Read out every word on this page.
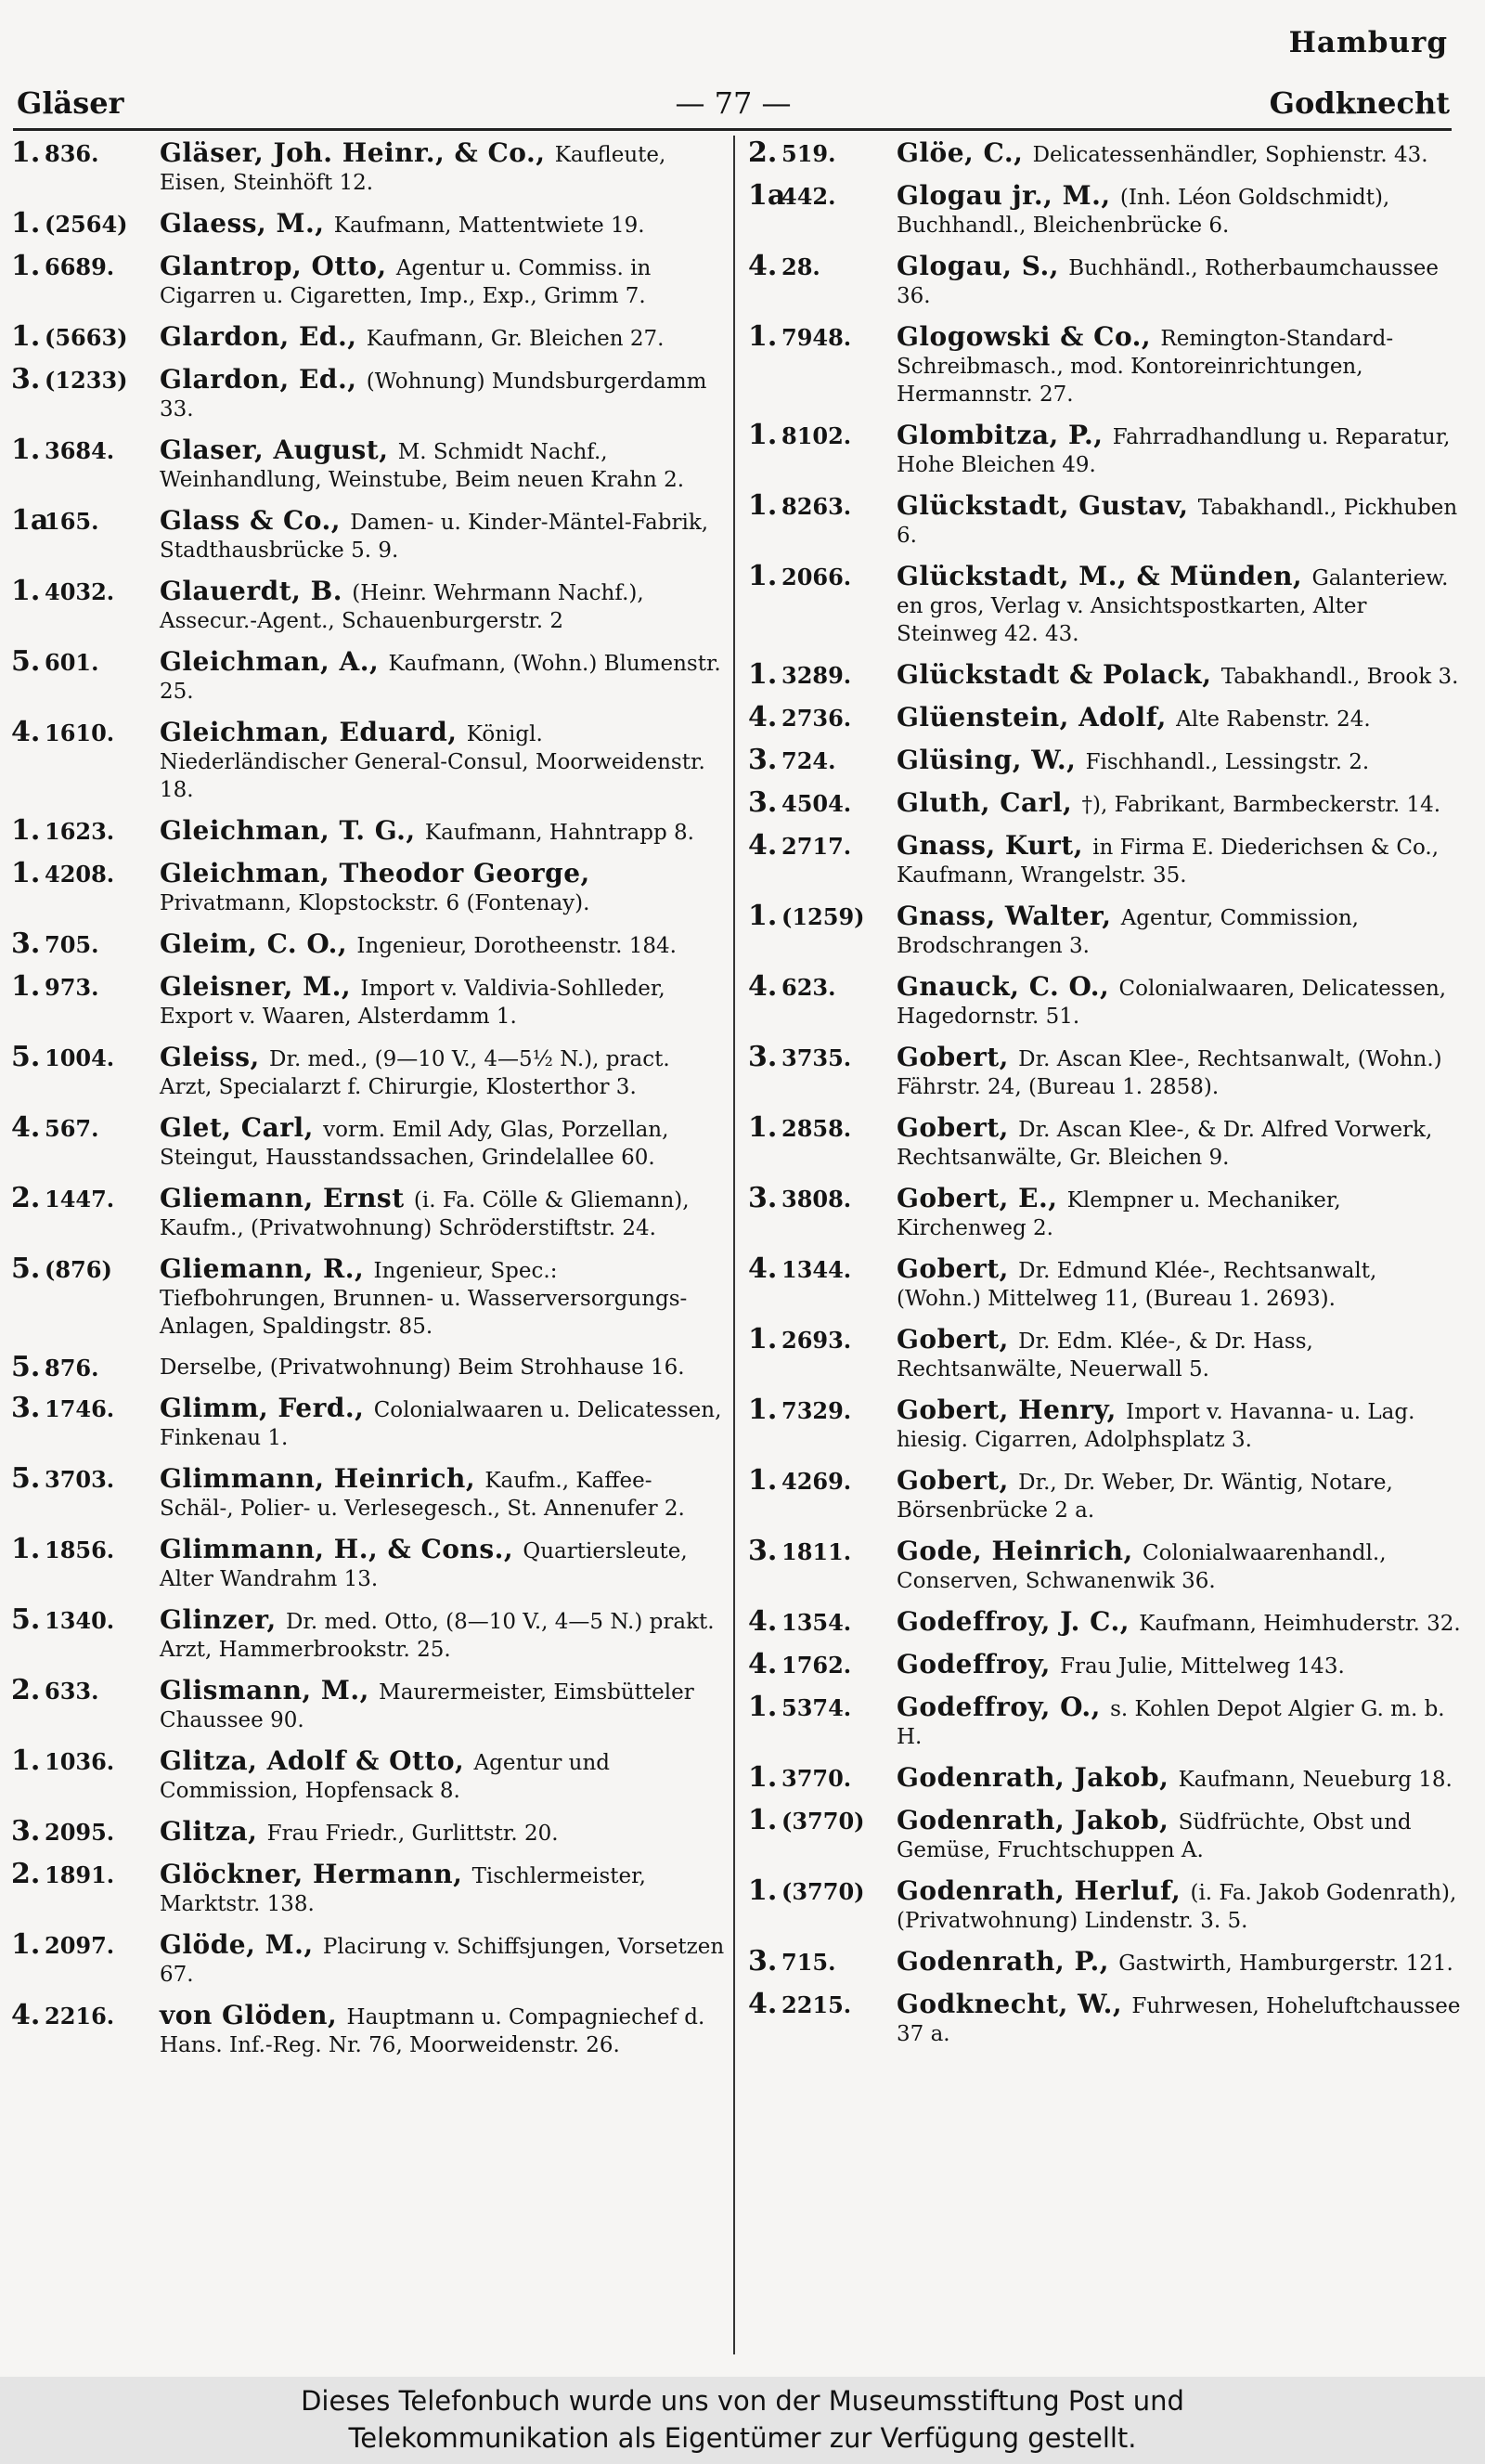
Hamburg
Gläser	— 77 —	Godknecht
1. 836.	Gläser, Joh. Heinr., & Co., Kaufleute, Eisen, Steinhöft 12.
1. (2564)	Glaess, M., Kaufmann, Mattentwiete 19.
1. 6689.	Glantrop, Otto, Agentur u. Commiss. in Cigarren u. Cigaretten, Imp., Exp., Grimm 7.
1. (5663)	Glardon, Ed., Kaufmann, Gr. Bleichen 27.
3. (1233)	Glardon, Ed., (Wohnung) Mundsburgerdamm 33.
1. 3684.	Glaser, August, M. Schmidt Nachf., Weinhandlung, Weinstube, Beim neuen Krahn 2.
1a165.	Glass & Co., Damen- u. Kinder-Mäntel-Fabrik, Stadthausbrücke 5. 9.
1. 4032.	Glauerdt, B. (Heinr. Wehrmann Nachf.), Assecur.-Agent., Schauenburgerstr. 2
5. 601.	Gleichman, A., Kaufmann, (Wohn.) Blumenstr. 25.
4. 1610.	Gleichman, Eduard, Königl. Niederländischer General-Consul, Moorweidenstr. 18.
1. 1623.	Gleichman, T. G., Kaufmann, Hahntrapp 8.
1. 4208.	Gleichman, Theodor George,Privatmann, Klopstockstr. 6 (Fontenay).
3. 705.	Gleim, C. O., Ingenieur, Dorotheenstr. 184.
1. 973.	Gleisner, M., Import v. Valdivia-Sohlleder, Export v. Waaren, Alsterdamm 1.
5. 1004.	Gleiss, Dr. med., (9—10 V., 4—5½ N.), pract. Arzt, Specialarzt f. Chirurgie, Klosterthor 3.
4. 567.	Glet, Carl, vorm. Emil Ady, Glas, Porzellan, Steingut, Hausstandssachen, Grindelallee 60.
2. 1447.	Gliemann, Ernst (i. Fa. Cölle & Gliemann), Kaufm., (Privatwohnung) Schröderstiftstr. 24.
5. (876)	Gliemann, R., Ingenieur, Spec.: Tiefbohrungen, Brunnen- u. Wasserversorgungs-Anlagen, Spaldingstr. 85.
5. 876.	Derselbe, (Privatwohnung) Beim Strohhause 16.
3. 1746.	Glimm, Ferd., Colonialwaaren u. Delicatessen, Finkenau 1.
5. 3703.	Glimmann, Heinrich, Kaufm., Kaffee-Schäl-, Polier- u. Verlesegesch., St. Annenufer 2.
1. 1856.	Glimmann, H., & Cons., Quartiersleute, Alter Wandrahm 13.
5. 1340.	Glinzer, Dr. med. Otto, (8—10 V., 4—5 N.) prakt. Arzt, Hammerbrookstr. 25.
2. 633.	Glismann, M., Maurermeister, Eimsbütteler Chaussee 90.
1. 1036.	Glitza, Adolf & Otto, Agentur und Commission, Hopfensack 8.
3. 2095.	Glitza, Frau Friedr., Gurlittstr. 20.
2. 1891.	Glöckner, Hermann, Tischlermeister, Marktstr. 138.
1. 2097.	Glöde, M., Placirung v. Schiffsjungen, Vorsetzen 67.
4. 2216.	von Glöden, Hauptmann u. Compagniechef d. Hans. Inf.-Reg. Nr. 76, Moorweidenstr. 26.
2. 519.	Glöe, C., Delicatessenhändler, Sophienstr. 43.
1a442.	Glogau jr., M., (Inh. Léon Goldschmidt), Buchhandl., Bleichenbrücke 6.
4. 28.	Glogau, S., Buchhändl., Rotherbaumchaussee 36.
1. 7948.	Glogowski & Co., Remington-Standard-Schreibmasch., mod. Kontoreinrichtungen, Hermannstr. 27.
1. 8102.	Glombitza, P., Fahrradhandlung u. Reparatur, Hohe Bleichen 49.
1. 8263.	Glückstadt, Gustav, Tabakhandl., Pickhuben 6.
1. 2066.	Glückstadt, M., & Münden, Galanteriew. en gros, Verlag v. Ansichtspostkarten, Alter Steinweg 42. 43.
1. 3289.	Glückstadt & Polack, Tabakhandl., Brook 3.
4. 2736.	Glüenstein, Adolf, Alte Rabenstr. 24.
3. 724.	Glüsing, W., Fischhandl., Lessingstr. 2.
3. 4504.	Gluth, Carl, †), Fabrikant, Barmbeckerstr. 14.
4. 2717.	Gnass, Kurt, in Firma E. Diederichsen & Co., Kaufmann, Wrangelstr. 35.
1. (1259)	Gnass, Walter, Agentur, Commission, Brodschrangen 3.
4. 623.	Gnauck, C. O., Colonialwaaren, Delicatessen, Hagedornstr. 51.
3. 3735.	Gobert, Dr. Ascan Klee-, Rechtsanwalt, (Wohn.) Fährstr. 24, (Bureau 1. 2858).
1. 2858.	Gobert, Dr. Ascan Klee-, & Dr. Alfred Vorwerk, Rechtsanwälte, Gr. Bleichen 9.
3. 3808.	Gobert, E., Klempner u. Mechaniker, Kirchenweg 2.
4. 1344.	Gobert, Dr. Edmund Klée-, Rechtsanwalt, (Wohn.) Mittelweg 11, (Bureau 1. 2693).
1. 2693.	Gobert, Dr. Edm. Klée-, & Dr. Hass, Rechtsanwälte, Neuerwall 5.
1. 7329.	Gobert, Henry, Import v. Havanna- u. Lag. hiesig. Cigarren, Adolphsplatz 3.
1. 4269.	Gobert, Dr., Dr. Weber, Dr. Wäntig, Notare, Börsenbrücke 2 a.
3. 1811.	Gode, Heinrich, Colonialwaarenhandl., Conserven, Schwanenwik 36.
4. 1354.	Godeffroy, J. C., Kaufmann, Heimhuderstr. 32.
4. 1762.	Godeffroy, Frau Julie, Mittelweg 143.
1. 5374.	Godeffroy, O., s. Kohlen Depot Algier G. m. b. H.
1. 3770.	Godenrath, Jakob, Kaufmann, Neueburg 18.
1. (3770)	Godenrath, Jakob, Südfrüchte, Obst und Gemüse, Fruchtschuppen A.
1. (3770)	Godenrath, Herluf, (i. Fa. Jakob Godenrath), (Privatwohnung) Lindenstr. 3. 5.
3. 715.	Godenrath, P., Gastwirth, Hamburgerstr. 121.
4. 2215.	Godknecht, W., Fuhrwesen, Hoheluftchaussee 37 a.
Dieses Telefonbuch wurde uns von der Museumsstiftung Post und
Telekommunikation als Eigentümer zur Verfügung gestellt.
